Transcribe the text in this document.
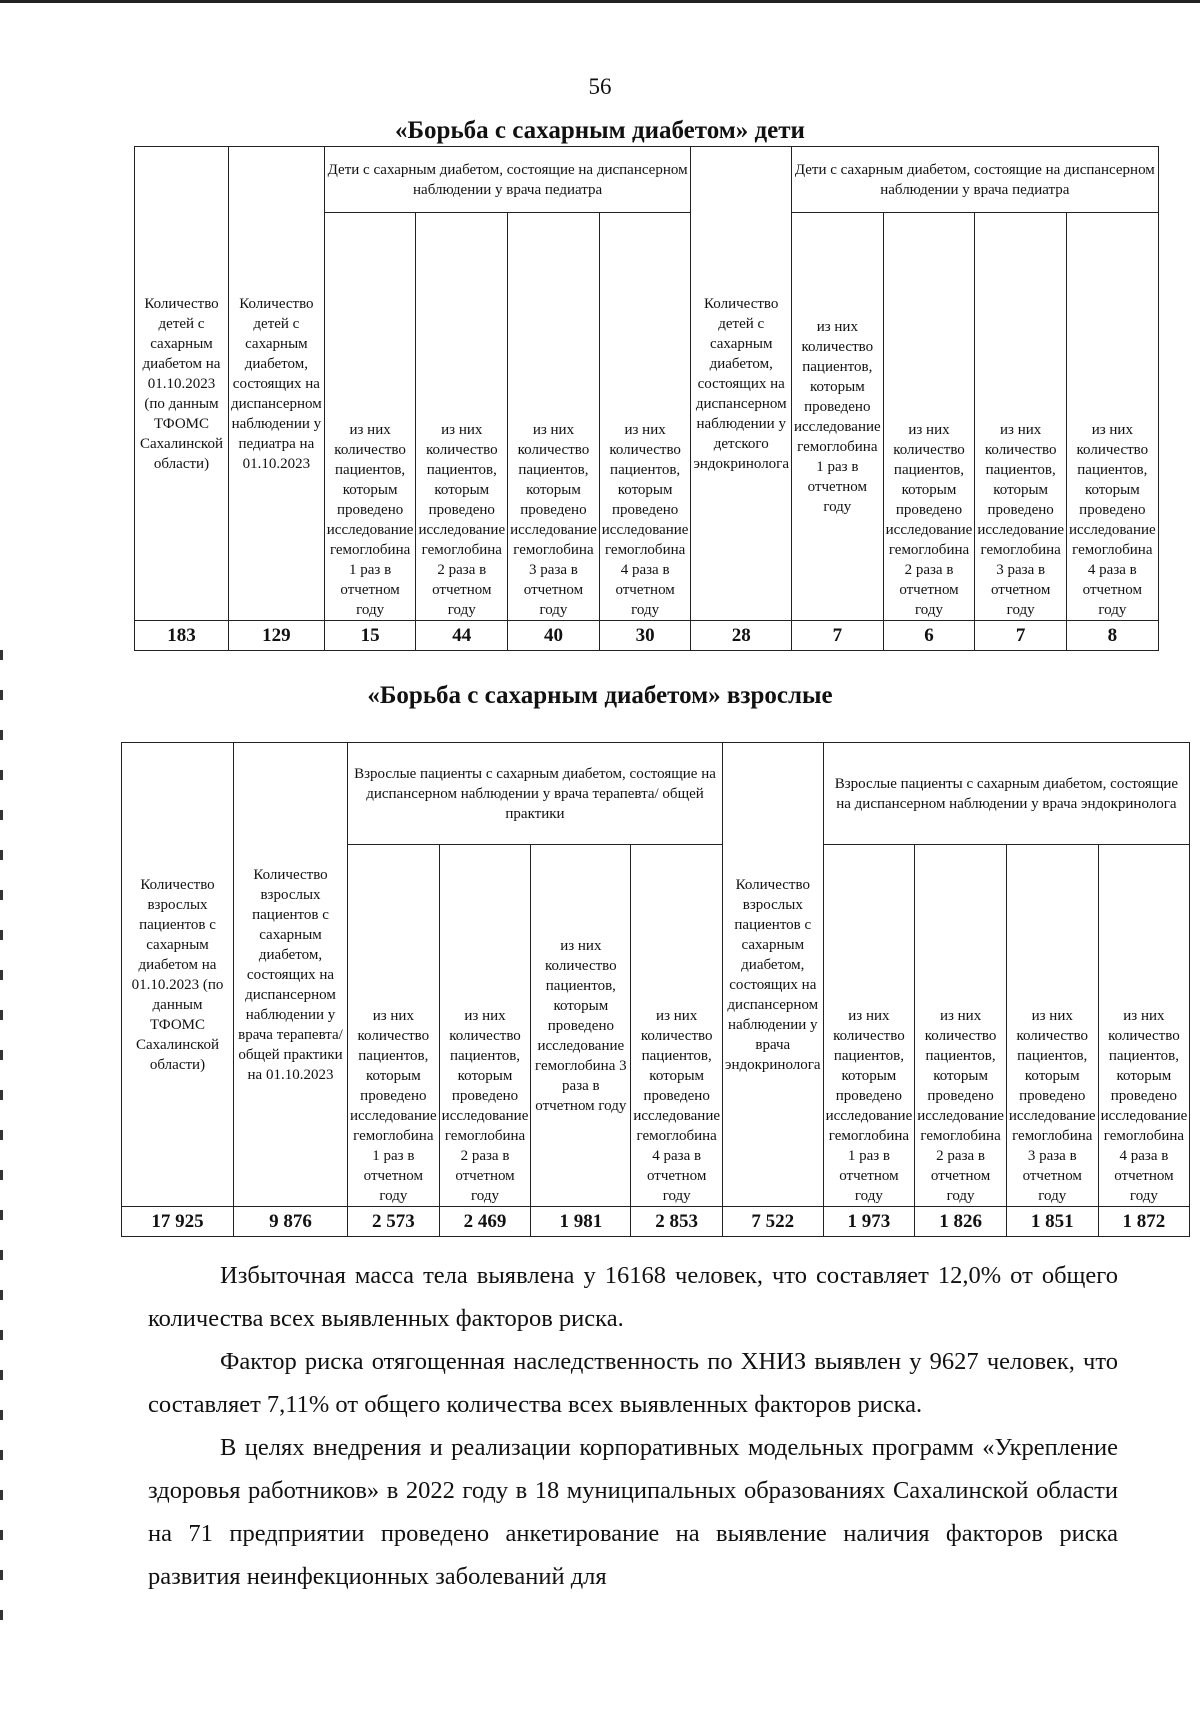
56
«Борьба с сахарным диабетом» дети
Количество детей с сахарным диабетом на 01.10.2023 (по данным ТФОМС Сахалинской области)	Количество детей с сахарным диабетом, состоящих на диспансерном наблюдении у педиатра на 01.10.2023	Дети с сахарным диабетом, состоящие на диспансерном наблюдении у врача педиатра				Количество детей с сахарным диабетом, состоящих на диспансерном наблюдении у детского эндокринолога	Дети с сахарным диабетом, состоящие на диспансерном наблюдении у врача педиатра			
		из них количество пациентов, которым проведено исследование гемоглобина 1 раз в отчетном году	из них количество пациентов, которым проведено исследование гемоглобина 2 раза в отчетном году	из них количество пациентов, которым проведено исследование гемоглобина 3 раза в отчетном году	из них количество пациентов, которым проведено исследование гемоглобина 4 раза в отчетном году		из них количество пациентов, которым проведено исследование гемоглобина 1 раз в отчетном году	из них количество пациентов, которым проведено исследование гемоглобина 2 раза в отчетном году	из них количество пациентов, которым проведено исследование гемоглобина 3 раза в отчетном году	из них количество пациентов, которым проведено исследование гемоглобина 4 раза в отчетном году
183	129	15	44	40	30	28	7	6	7	8
«Борьба с сахарным диабетом» взрослые
Количество взрослых пациентов с сахарным диабетом на 01.10.2023 (по данным ТФОМС Сахалинской области)	Количество взрослых пациентов с сахарным диабетом, состоящих на диспансерном наблюдении у врача терапевта/ общей практики на 01.10.2023	Взрослые пациенты с сахарным диабетом, состоящие на диспансерном наблюдении у врача терапевта/ общей практики				Количество взрослых пациентов с сахарным диабетом, состоящих на диспансерном наблюдении у врача эндокринолога	Взрослые пациенты с сахарным диабетом, состоящие на диспансерном наблюдении у врача эндокринолога			
		из них количество пациентов, которым проведено исследование гемоглобина 1 раз в отчетном году	из них количество пациентов, которым проведено исследование гемоглобина 2 раза в отчетном году	из них количество пациентов, которым проведено исследование гемоглобина 3 раза в отчетном году	из них количество пациентов, которым проведено исследование гемоглобина 4 раза в отчетном году		из них количество пациентов, которым проведено исследование гемоглобина 1 раз в отчетном году	из них количество пациентов, которым проведено исследование гемоглобина 2 раза в отчетном году	из них количество пациентов, которым проведено исследование гемоглобина 3 раза в отчетном году	из них количество пациентов, которым проведено исследование гемоглобина 4 раза в отчетном году
17 925	9 876	2 573	2 469	1 981	2 853	7 522	1 973	1 826	1 851	1 872

Избыточная масса тела выявлена у 16168 человек, что составляет 12,0% от общего количества всех выявленных факторов риска.

Фактор риска отягощенная наследственность по ХНИЗ выявлен у 9627 человек, что составляет 7,11% от общего количества всех выявленных факторов риска.

В целях внедрения и реализации корпоративных модельных программ «Укрепление здоровья работников» в 2022 году в 18 муниципальных образованиях Сахалинской области на 71 предприятии проведено анкетирование на выявление наличия факторов риска развития неинфекционных заболеваний для
